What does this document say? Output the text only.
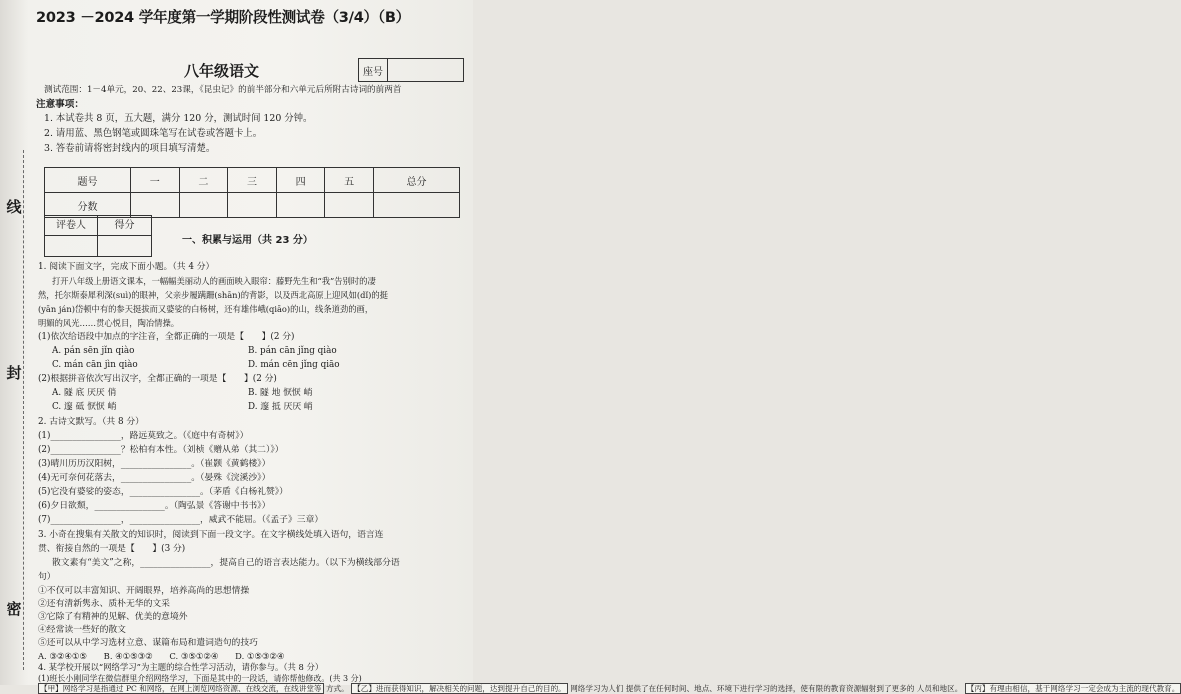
线
封
密
2023 －2024 学年度第一学期阶段性测试卷（3/4）（B）
座号
八年级语文
测试范围：1－4单元，20、22、23课，《昆虫记》的前半部分和六单元后所附古诗词的前两首
注意事项：
1. 本试卷共 8 页，五大题，满分 120 分，测试时间 120 分钟。
2. 请用蓝、黑色钢笔或圆珠笔写在试卷或答题卡上。
3. 答卷前请将密封线内的项目填写清楚。
题号	一	二	三	四	五	总分
分数						
评卷人	得分
一、积累与运用（共 23 分）
1. 阅读下面文字，完成下面小题。（共 4 分）
打开八年级上册语文课本，一幅幅美丽动人的画面映入眼帘：藤野先生和“我”告别时的凄
然，托尔斯泰犀利深(suì)的眼神，父亲步履蹒跚(shān)的背影，以及西北高原上迎风如(dǐ)的挺
(yān ján)岱顿中有的参天挺拔而又婆娑的白杨树，还有雄伟峨(qiāo)的山，线条道劲的画，
明媚的风光……贯心悦目，陶冶情操。
(1)依次给语段中加点的字注音，全都正确的一项是【　　】(2 分)
A. pán sēn jǐn qiào	B. pán cān jǐng qiào
C. mán cān jìn qiào	D. mán cēn jǐng qiāo
(2)根据拼音依次写出汉字，全都正确的一项是【　　】(2 分)
A. 隧 底 厌厌 俏	B. 隧 地 恹恹 峭
C. 邃 砥 恹恹 峭	D. 邃 抵 厌厌 峭
2. 古诗文默写。（共 8 分）
(1)________________，路远莫致之。（《庭中有奇树》）
(2)________________？松柏有本性。（刘桢《赠从弟（其二）》）
(3)晴川历历汉阳树，________________。（崔颢《黄鹤楼》）
(4)无可奈何花落去，________________。（晏殊《浣溪沙》）
(5)它没有婆娑的姿态，________________。（茅盾《白杨礼赞》）
(6)夕日欲颓，________________。（陶弘景《答谢中书书》）
(7)________________，________________，威武不能屈。（《孟子》三章）
3. 小奇在搜集有关散文的知识时，阅读到下面一段文字。在文字横线处填入语句，语言连
贯、衔接自然的一项是【　　】(3 分)
散文素有“美文”之称，________________，提高自己的语言表达能力。（以下为横线部分语
句）
①不仅可以丰富知识、开阔眼界，培养高尚的思想情操
②还有清新隽永、质朴无华的文采
③它除了有精神的见解、优美的意境外
④经常读一些好的散文
⑤还可以从中学习选材立意、谋篇布局和遣词造句的技巧
A. ③②④①⑤　　B. ④①⑤③②　　C. ③⑤①②④　　D. ①⑤③②④
4. 某学校开展以“网络学习”为主题的综合性学习活动，请你参与。（共 8 分）
(1)班长小刚同学在微信群里介绍网络学习，下面是其中的一段话，请你帮他修改。(共 3 分)
【甲】网络学习是指通过 PC 和网络，在网上浏览网络资源、在线交流，在线讲堂等 方式。 【乙】进而获得知识，解决相关的问题，达到提升自己的目的。 网络学习为人们 提供了在任何时间、地点、环境下进行学习的选择，使有限的教育资源辐射到了更多的 人员和地区。 【丙】有理由相信，基于网络学习一定会成为主流的现代教育。
